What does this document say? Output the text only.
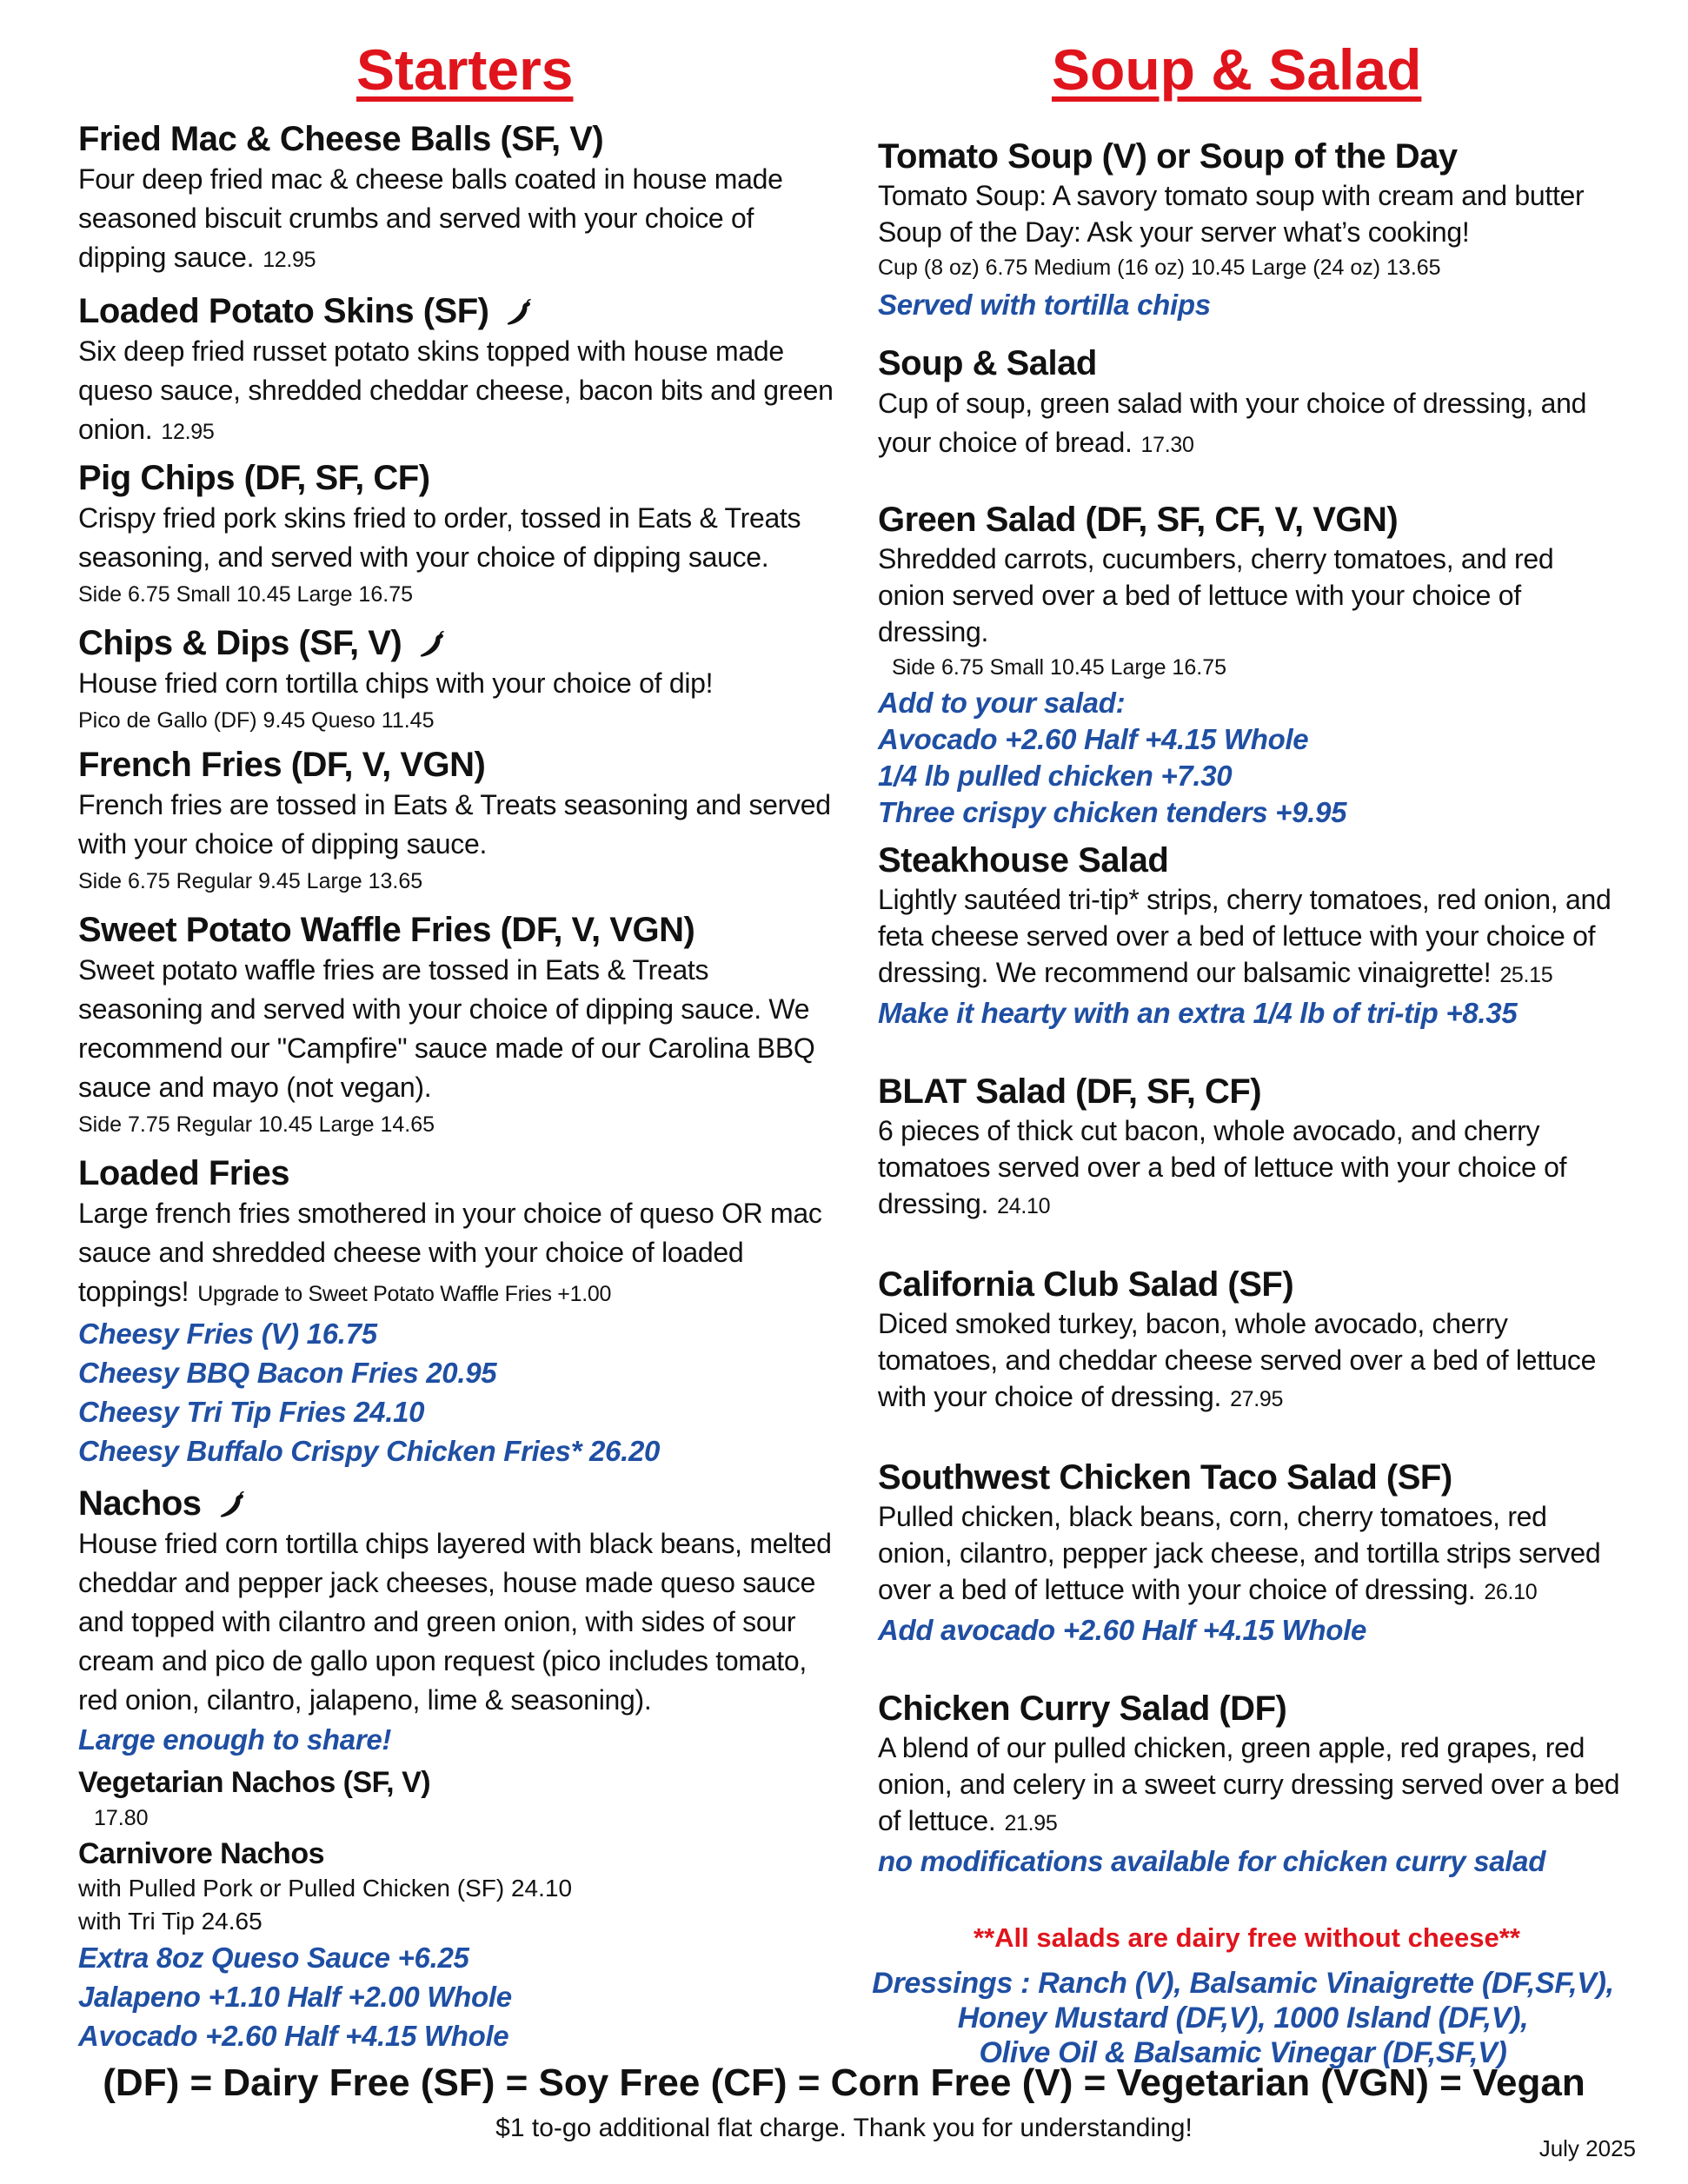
Starters

Fried Mac & Cheese Balls (SF, V)

Four deep fried mac & cheese balls coated in house made seasoned biscuit crumbs and served with your choice of dipping sauce. 12.95

Loaded Potato Skins (SF)

Six deep fried russet potato skins topped with house made queso sauce, shredded cheddar cheese, bacon bits and green onion. 12.95

Pig Chips (DF, SF, CF)

Crispy fried pork skins fried to order, tossed in Eats & Treats seasoning, and served with your choice of dipping sauce.

Side 6.75 Small 10.45 Large 16.75

Chips & Dips (SF, V)

House fried corn tortilla chips with your choice of dip!

Pico de Gallo (DF) 9.45 Queso 11.45

French Fries (DF, V, VGN)

French fries are tossed in Eats & Treats seasoning and served with your choice of dipping sauce.

Side 6.75 Regular 9.45 Large 13.65

Sweet Potato Waffle Fries (DF, V, VGN)

Sweet potato waffle fries are tossed in Eats & Treats seasoning and served with your choice of dipping sauce. We recommend our "Campfire" sauce made of our Carolina BBQ sauce and mayo (not vegan).

Side 7.75 Regular 10.45 Large 14.65

Loaded Fries

Large french fries smothered in your choice of queso OR mac sauce and shredded cheese with your choice of loaded toppings! Upgrade to Sweet Potato Waffle Fries +1.00

Cheesy Fries (V) 16.75

Cheesy BBQ Bacon Fries 20.95

Cheesy Tri Tip Fries 24.10

Cheesy Buffalo Crispy Chicken Fries* 26.20

Nachos

House fried corn tortilla chips layered with black beans, melted cheddar and pepper jack cheeses, house made queso sauce and topped with cilantro and green onion, with sides of sour cream and pico de gallo upon request (pico includes tomato, red onion, cilantro, jalapeno, lime & seasoning).

Large enough to share!

Vegetarian Nachos (SF, V)

17.80

Carnivore Nachos

with Pulled Pork or Pulled Chicken (SF) 24.10

with Tri Tip 24.65

Extra 8oz Queso Sauce +6.25

Jalapeno +1.10 Half +2.00 Whole

Avocado +2.60 Half +4.15 Whole

Soup & Salad

Tomato Soup (V) or Soup of the Day

Tomato Soup: A savory tomato soup with cream and butter

Soup of the Day: Ask your server what’s cooking!

Cup (8 oz) 6.75 Medium (16 oz) 10.45 Large (24 oz) 13.65

Served with tortilla chips

Soup & Salad

Cup of soup, green salad with your choice of dressing, and your choice of bread. 17.30

Green Salad (DF, SF, CF, V, VGN)

Shredded carrots, cucumbers, cherry tomatoes, and red onion served over a bed of lettuce with your choice of dressing.

Side 6.75 Small 10.45 Large 16.75

Add to your salad:

Avocado +2.60 Half +4.15 Whole

1/4 lb pulled chicken +7.30

Three crispy chicken tenders +9.95

Steakhouse Salad

Lightly sautéed tri-tip* strips, cherry tomatoes, red onion, and feta cheese served over a bed of lettuce with your choice of dressing. We recommend our balsamic vinaigrette! 25.15

Make it hearty with an extra 1/4 lb of tri-tip +8.35

BLAT Salad (DF, SF, CF)

6 pieces of thick cut bacon, whole avocado, and cherry tomatoes served over a bed of lettuce with your choice of dressing. 24.10

California Club Salad (SF)

Diced smoked turkey, bacon, whole avocado, cherry tomatoes, and cheddar cheese served over a bed of lettuce with your choice of dressing. 27.95

Southwest Chicken Taco Salad (SF)

Pulled chicken, black beans, corn, cherry tomatoes, red onion, cilantro, pepper jack cheese, and tortilla strips served over a bed of lettuce with your choice of dressing. 26.10

Add avocado +2.60 Half +4.15 Whole

Chicken Curry Salad (DF)

A blend of our pulled chicken, green apple, red grapes, red onion, and celery in a sweet curry dressing served over a bed of lettuce. 21.95

no modifications available for chicken curry salad

**All salads are dairy free without cheese**

Dressings : Ranch (V), Balsamic Vinaigrette (DF,SF,V),

Honey Mustard (DF,V), 1000 Island (DF,V),

Olive Oil & Balsamic Vinegar (DF,SF,V)

(DF) = Dairy Free (SF) = Soy Free (CF) = Corn Free (V) = Vegetarian (VGN) = Vegan
$1 to-go additional flat charge. Thank you for understanding!
July 2025
